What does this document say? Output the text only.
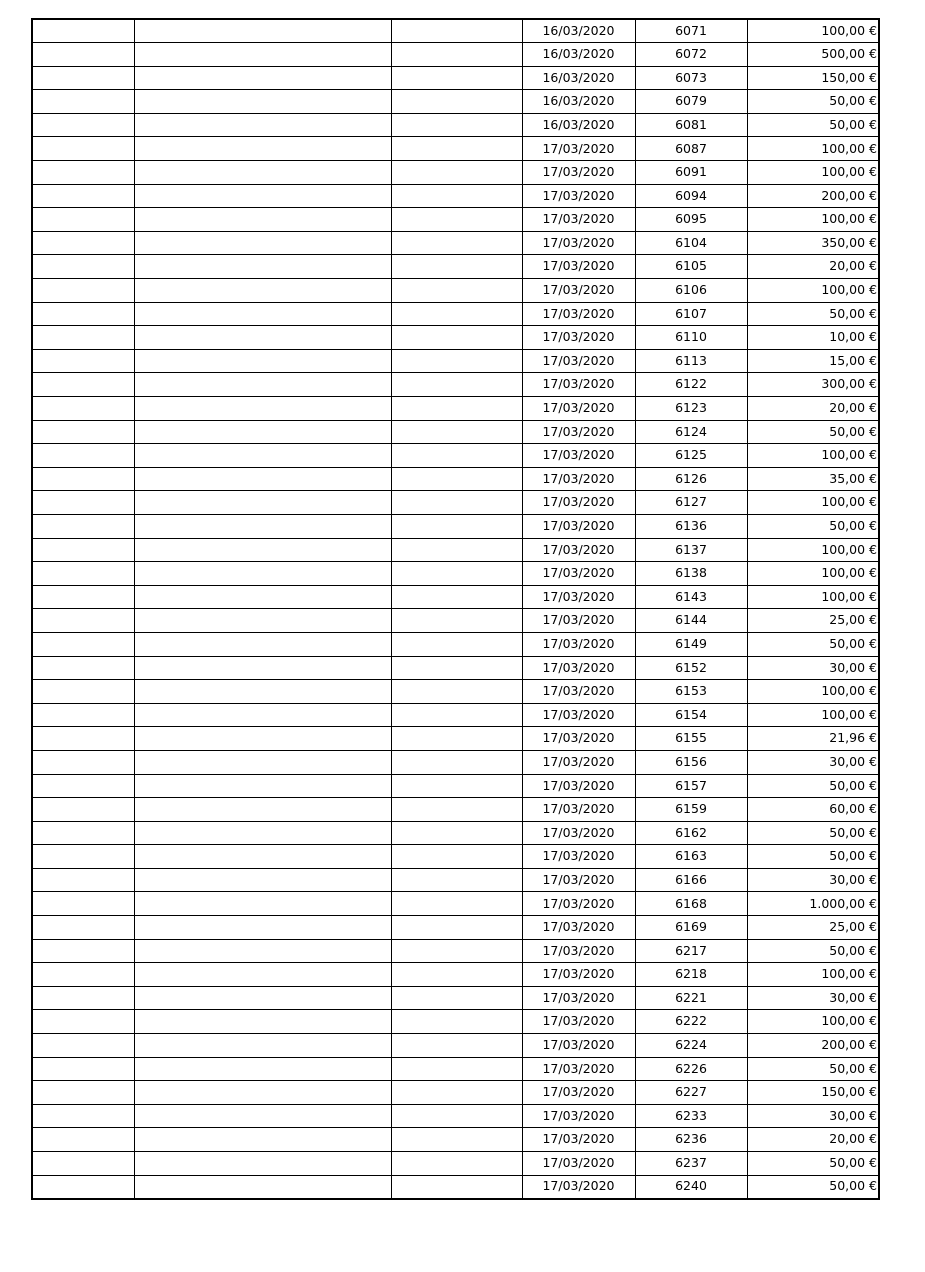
			16/03/2020	6071	100,00 €
			16/03/2020	6072	500,00 €
			16/03/2020	6073	150,00 €
			16/03/2020	6079	50,00 €
			16/03/2020	6081	50,00 €
			17/03/2020	6087	100,00 €
			17/03/2020	6091	100,00 €
			17/03/2020	6094	200,00 €
			17/03/2020	6095	100,00 €
			17/03/2020	6104	350,00 €
			17/03/2020	6105	20,00 €
			17/03/2020	6106	100,00 €
			17/03/2020	6107	50,00 €
			17/03/2020	6110	10,00 €
			17/03/2020	6113	15,00 €
			17/03/2020	6122	300,00 €
			17/03/2020	6123	20,00 €
			17/03/2020	6124	50,00 €
			17/03/2020	6125	100,00 €
			17/03/2020	6126	35,00 €
			17/03/2020	6127	100,00 €
			17/03/2020	6136	50,00 €
			17/03/2020	6137	100,00 €
			17/03/2020	6138	100,00 €
			17/03/2020	6143	100,00 €
			17/03/2020	6144	25,00 €
			17/03/2020	6149	50,00 €
			17/03/2020	6152	30,00 €
			17/03/2020	6153	100,00 €
			17/03/2020	6154	100,00 €
			17/03/2020	6155	21,96 €
			17/03/2020	6156	30,00 €
			17/03/2020	6157	50,00 €
			17/03/2020	6159	60,00 €
			17/03/2020	6162	50,00 €
			17/03/2020	6163	50,00 €
			17/03/2020	6166	30,00 €
			17/03/2020	6168	1.000,00 €
			17/03/2020	6169	25,00 €
			17/03/2020	6217	50,00 €
			17/03/2020	6218	100,00 €
			17/03/2020	6221	30,00 €
			17/03/2020	6222	100,00 €
			17/03/2020	6224	200,00 €
			17/03/2020	6226	50,00 €
			17/03/2020	6227	150,00 €
			17/03/2020	6233	30,00 €
			17/03/2020	6236	20,00 €
			17/03/2020	6237	50,00 €
			17/03/2020	6240	50,00 €
